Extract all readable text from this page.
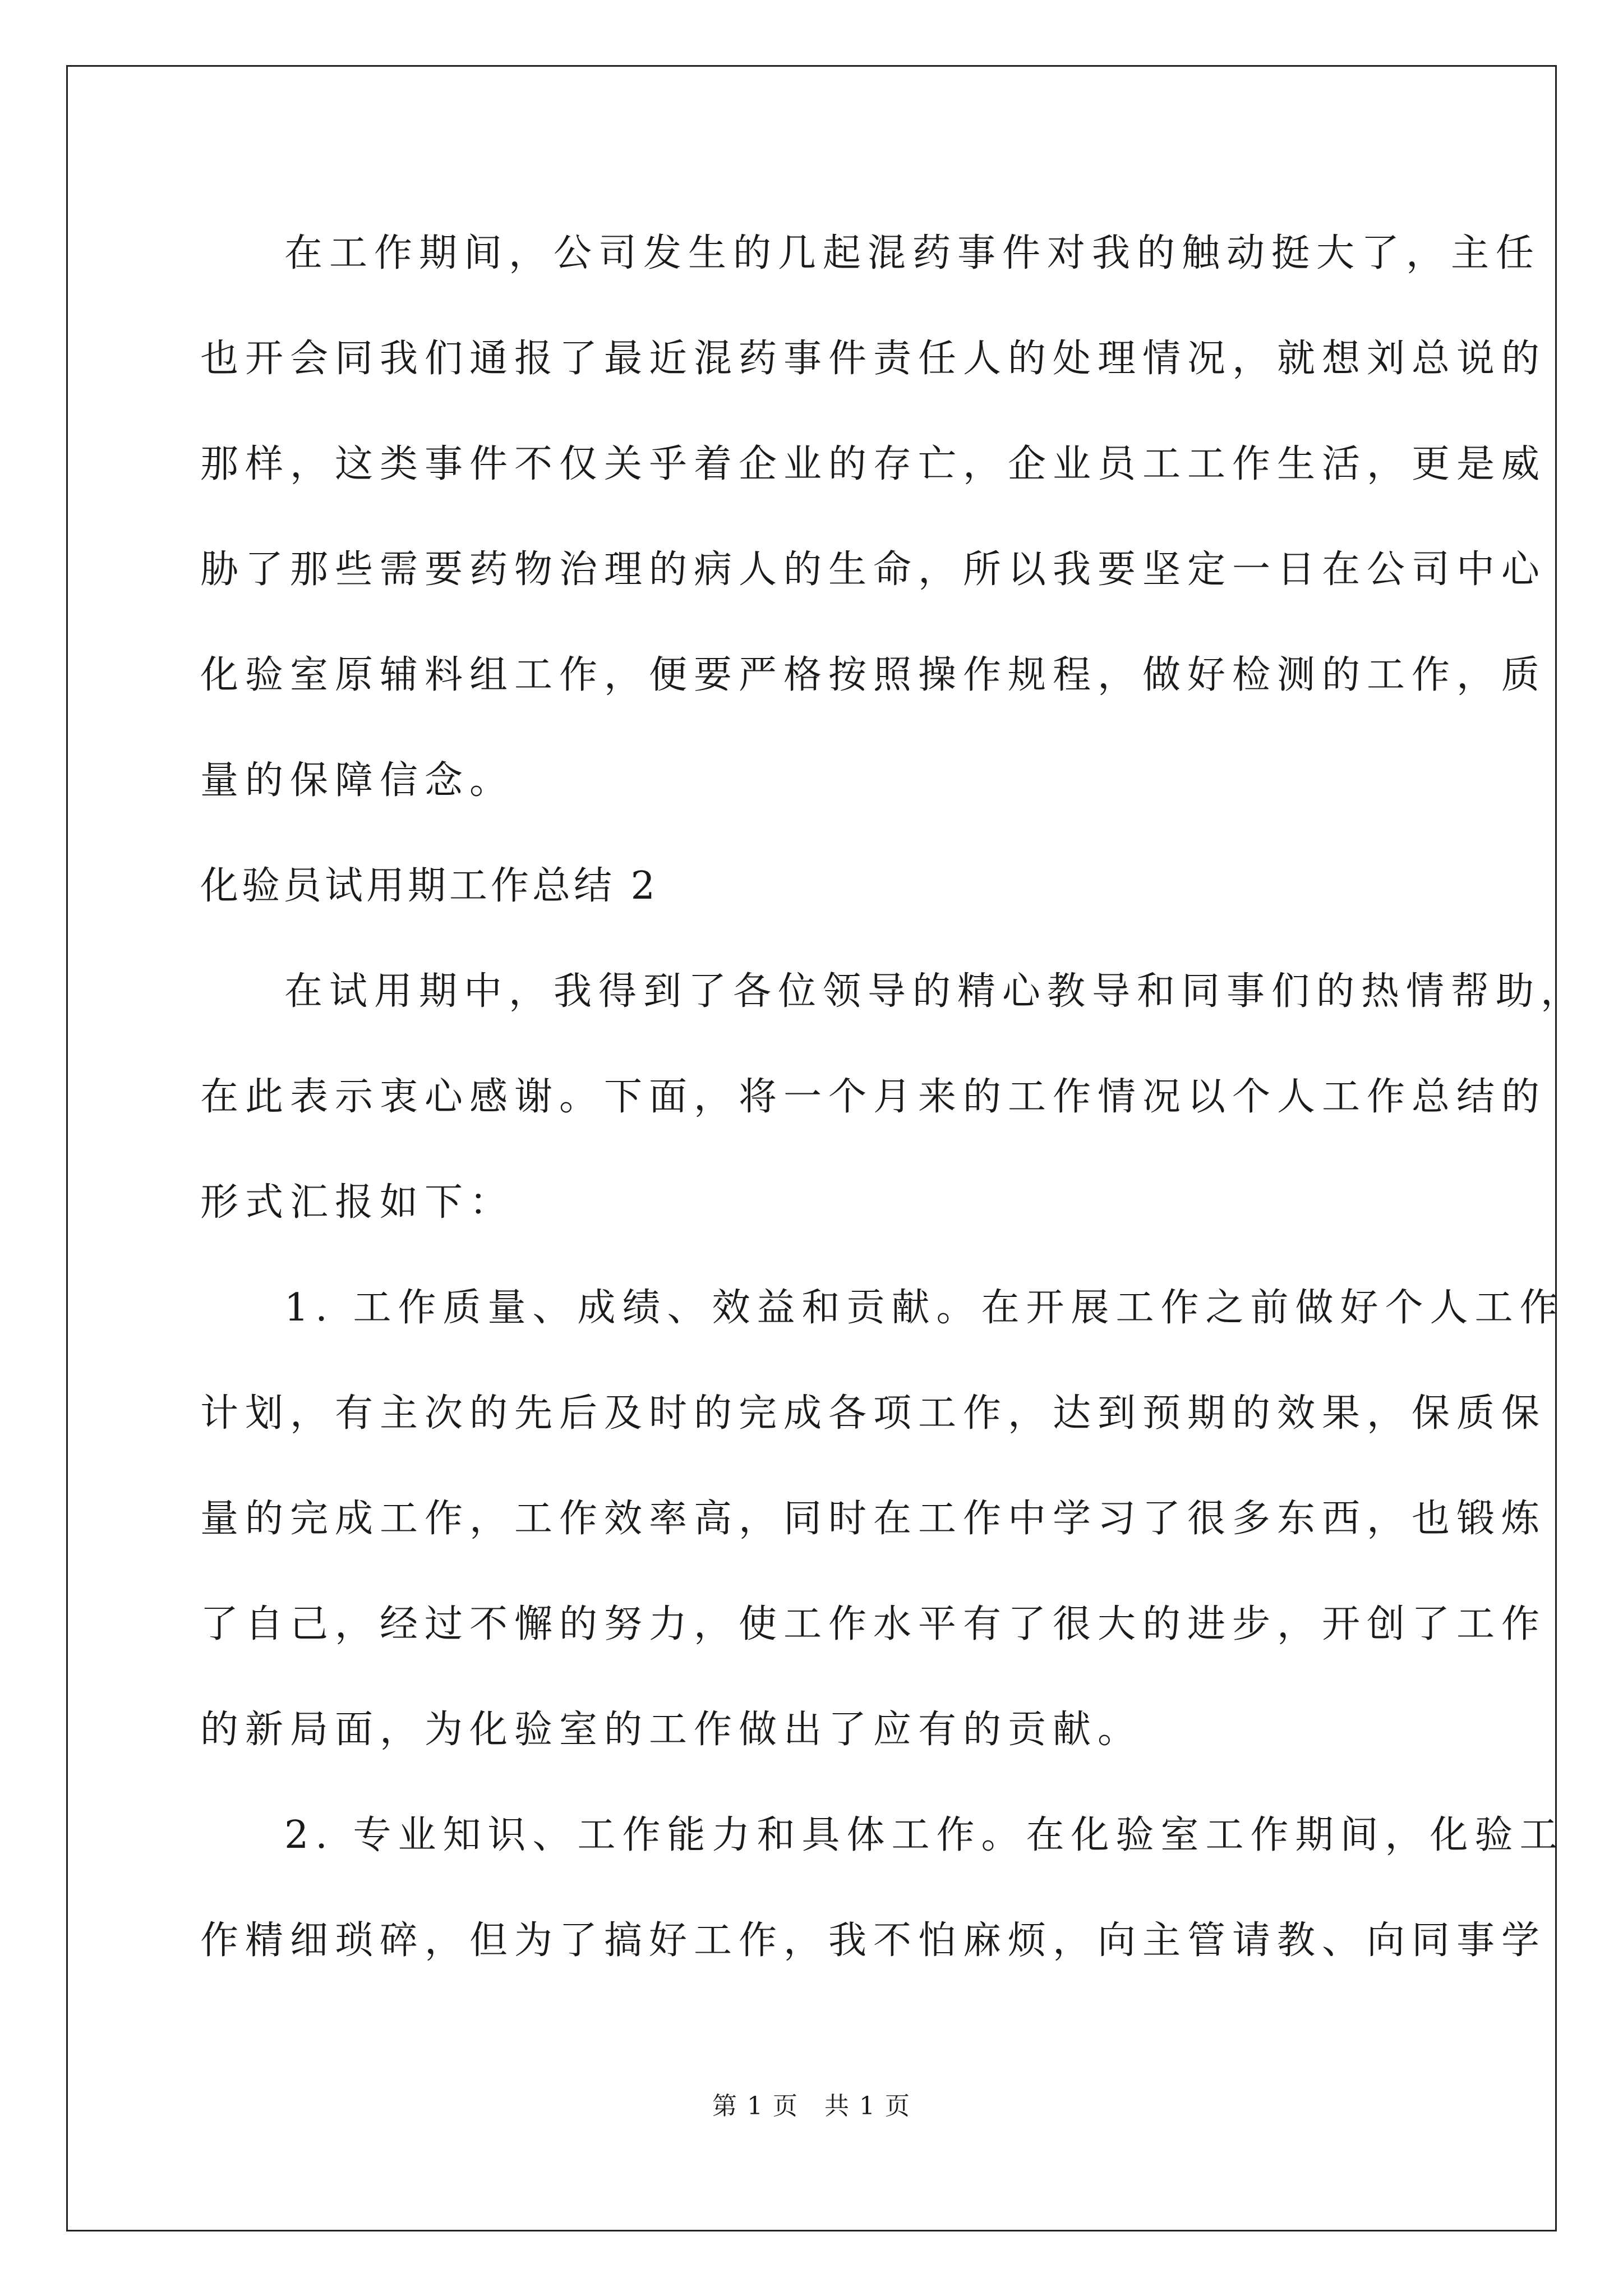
在工作期间，公司发生的几起混药事件对我的触动挺大了，主任
也开会同我们通报了最近混药事件责任人的处理情况，就想刘总说的
那样，这类事件不仅关乎着企业的存亡，企业员工工作生活，更是威
胁了那些需要药物治理的病人的生命，所以我要坚定一日在公司中心
化验室原辅料组工作，便要严格按照操作规程，做好检测的工作，质
量的保障信念。
化验员试用期工作总结 2
在试用期中，我得到了各位领导的精心教导和同事们的热情帮助，
在此表示衷心感谢。下面，将一个月来的工作情况以个人工作总结的
形式汇报如下：
1. 工作质量、成绩、效益和贡献。在开展工作之前做好个人工作
计划，有主次的先后及时的完成各项工作，达到预期的效果，保质保
量的完成工作，工作效率高，同时在工作中学习了很多东西，也锻炼
了自己，经过不懈的努力，使工作水平有了很大的进步，开创了工作
的新局面，为化验室的工作做出了应有的贡献。
2. 专业知识、工作能力和具体工作。在化验室工作期间，化验工
作精细琐碎，但为了搞好工作，我不怕麻烦，向主管请教、向同事学
第 1 页　共 1 页
